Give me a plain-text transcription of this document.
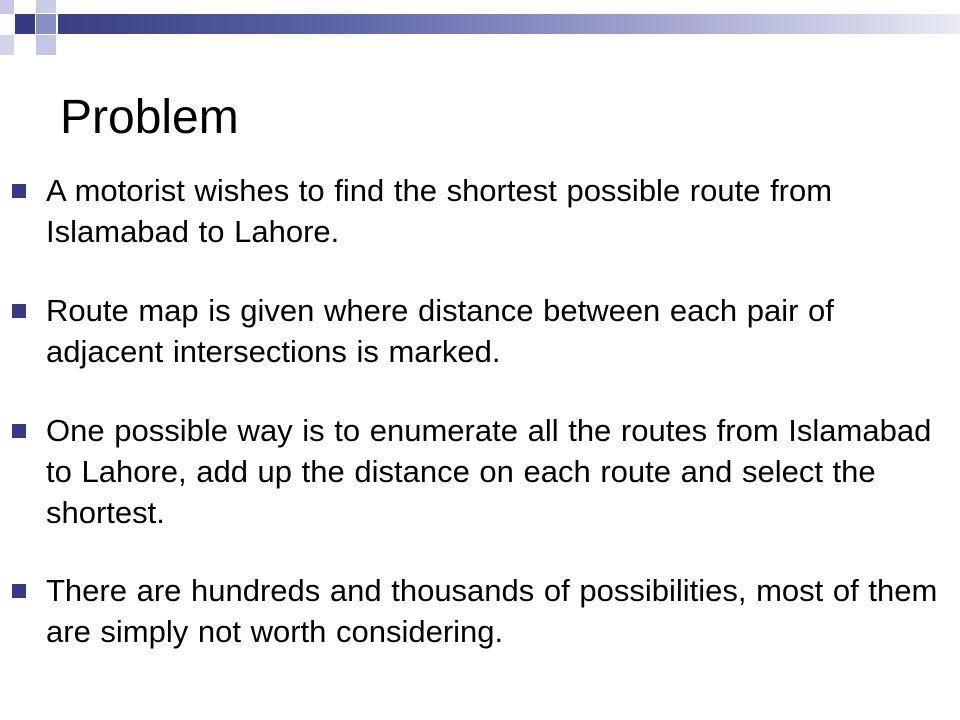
Problem
A motorist wishes to find the shortest possible route from Islamabad to Lahore.
Route map is given where distance between each pair of adjacent intersections is marked.
One possible way is to enumerate all the routes from Islamabad to Lahore, add up the distance on each route and select the shortest.
There are hundreds and thousands of possibilities, most of them are simply not worth considering.
